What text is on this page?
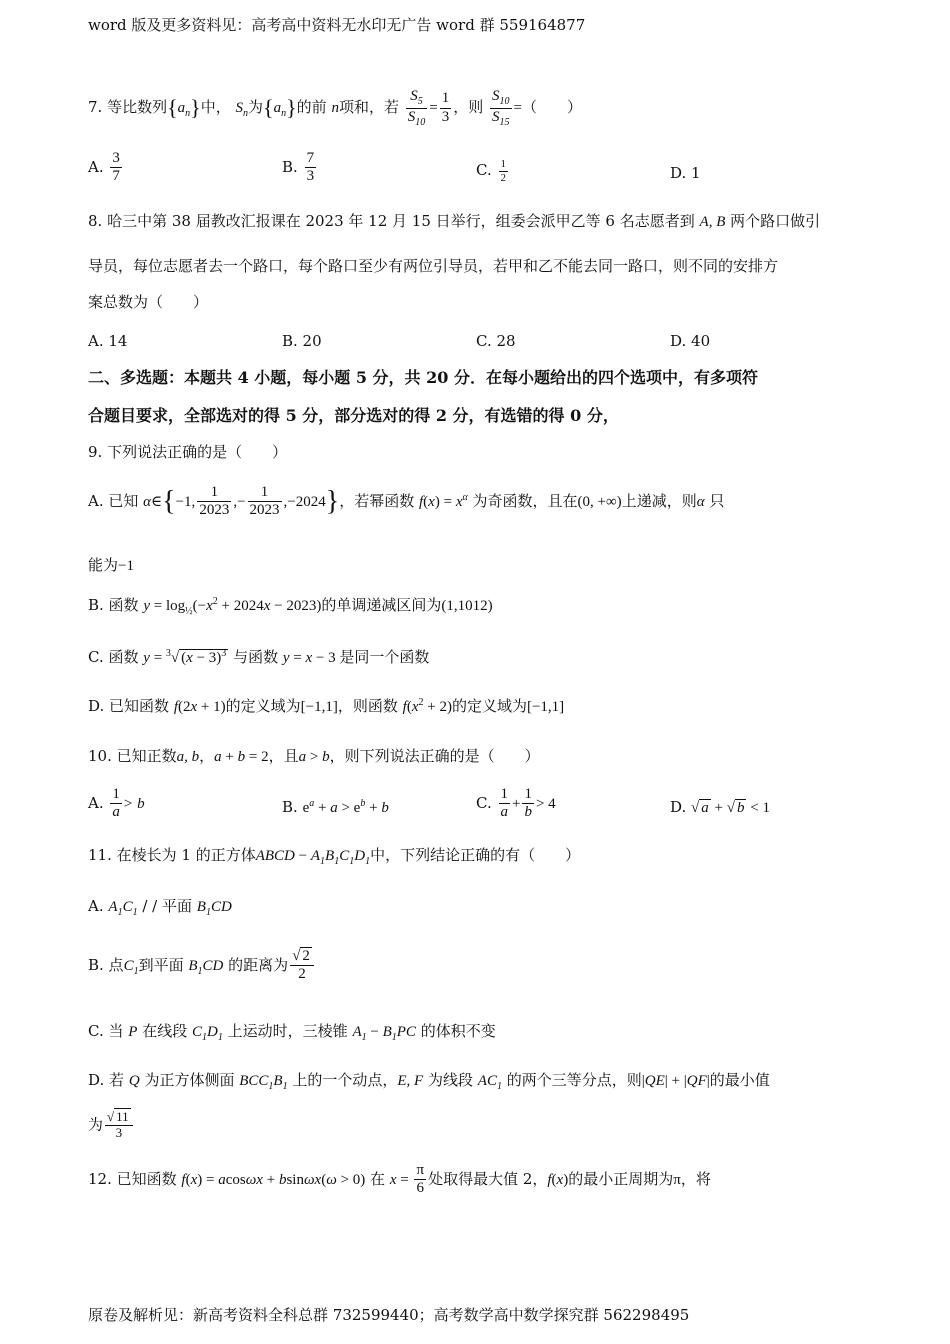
word 版及更多资料见：高考高中资料无水印无广告 word 群 559164877
7. 等比数列$\{a_n\}$中， $S_n$为$\{a_n\}$的前 n项和，若 $\frac{S_5}{S_{10}} = \frac{1}{3}$ ，则 $\frac{S_{10}}{S_{15}}$ =（　　）
A. $\frac{3}{7}$	B. $\frac{7}{3}$	C. $\frac{1}{2}$	D. 1
8. 哈三中第 38 届教改汇报课在 2023 年 12 月 15 日举行，组委会派甲乙等 6 名志愿者到 A, B 两个路口做引
导员，每位志愿者去一个路口，每个路口至少有两位引导员，若甲和乙不能去同一路口，则不同的安排方
案总数为（　　）
A. 14	B. 20	C. 28	D. 40
二、多选题：本题共 4 小题，每小题 5 分，共 20 分．在每小题给出的四个选项中，有多项符
合题目要求，全部选对的得 5 分，部分选对的得 2 分，有选错的得 0 分，
9. 下列说法正确的是（　　）
A. 已知 α∈{−1, $\frac{1}{2023}$ ,− $\frac{1}{2023} ,-2024$}，若幂函数 $f(x) = x^\alpha$ 为奇函数，且在(0, +∞)上递减，则α 只
能为−1
B. 函数 $y = \log_{\frac{1}{2}}(-x^2 + 2024x - 2023)$的单调递减区间为(1,1012)
C. 函数 y = $^3$√ $(x - 3)^3$ 与函数 y = x − 3 是同一个函数
D. 已知函数 f(2x + 1)的定义域为[−1,1]，则函数 $f(x^2 + 2)$的定义域为[−1,1]
10. 已知正数a, b，a + b = 2，且a > b，则下列说法正确的是（　　）
A. $\frac{1}{a} > b$	B. $e^a + a > e^b + b$	C. $\frac{1}{a} + \frac{1}{b} > 4$	D. √ a + √ b < 1
11. 在棱长为 1 的正方体ABCD − $A_1B_1C_1D_1$中，下列结论正确的有（　　）
A. $A_1C_1$ / / 平面 $B_1CD$
B. 点$C_1$到平面 $B_1CD$ 的距离为 $\frac{√ 2}{2}$
C. 当 P 在线段 $C_1D_1$ 上运动时，三棱锥 $A_1 - B_1PC$ 的体积不变
D. 若 Q 为正方体侧面 $BCC_1B_1$ 上的一个动点，E, F 为线段 $AC_1$ 的两个三等分点，则|QE| + |QF|的最小值
为 $\frac{√ 11}{3}$
12. 已知函数 f(x) = acosωx + bsinωx(ω > 0) 在 $x = \frac{\pi}{6}$ 处取得最大值 2，f(x)的最小正周期为π，将
原卷及解析见：新高考资料全科总群 732599440；高考数学高中数学探究群 562298495
